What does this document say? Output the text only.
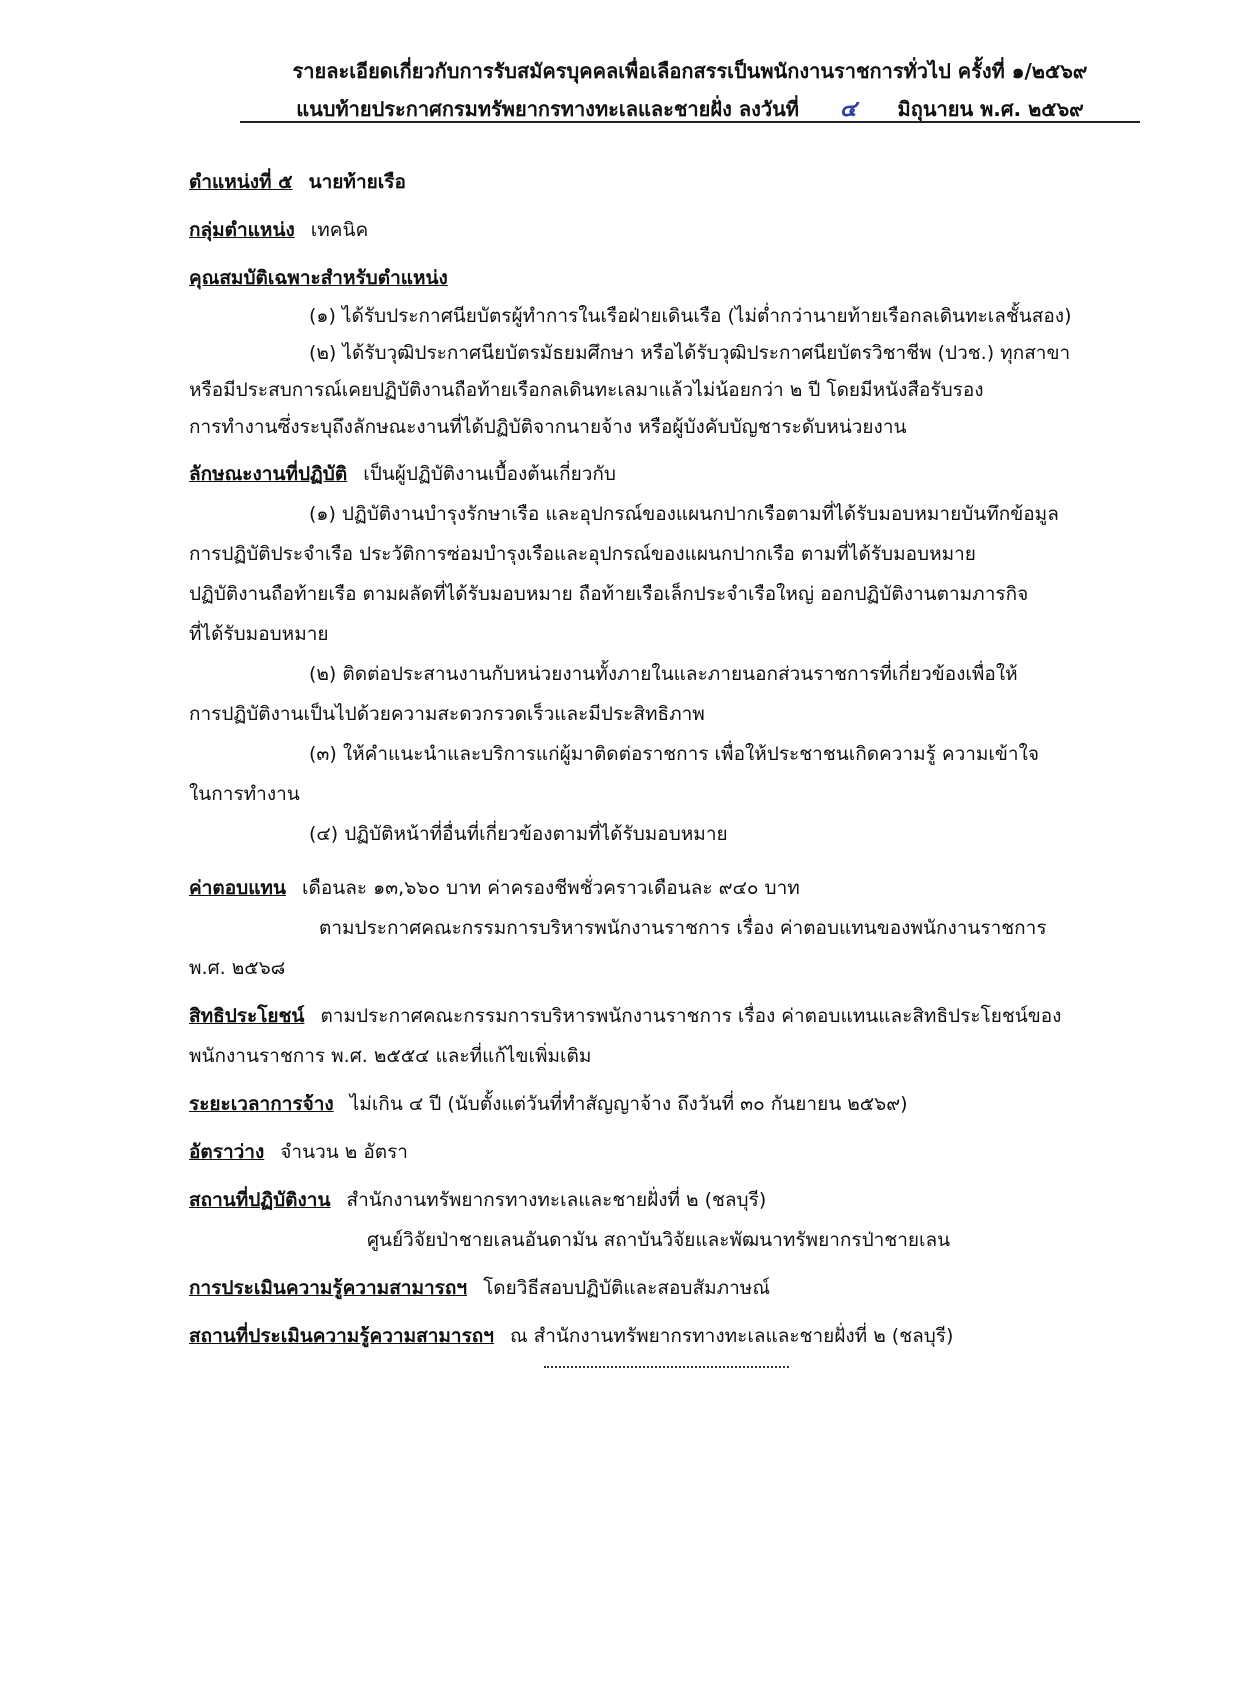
รายละเอียดเกี่ยวกับการรับสมัครบุคคลเพื่อเลือกสรรเป็นพนักงานราชการทั่วไป ครั้งที่ ๑/๒๕๖๙
แนบท้ายประกาศกรมทรัพยากรทางทะเลและชายฝั่ง ลงวันที่ ๔ มิถุนายน พ.ศ. ๒๕๖๙
ตำแหน่งที่ ๕ นายท้ายเรือ
กลุ่มตำแหน่ง เทคนิค
คุณสมบัติเฉพาะสำหรับตำแหน่ง
(๑) ได้รับประกาศนียบัตรผู้ทำการในเรือฝ่ายเดินเรือ (ไม่ต่ำกว่านายท้ายเรือกลเดินทะเลชั้นสอง)
(๒) ได้รับวุฒิประกาศนียบัตรมัธยมศึกษา หรือได้รับวุฒิประกาศนียบัตรวิชาชีพ (ปวช.) ทุกสาขา
หรือมีประสบการณ์เคยปฏิบัติงานถือท้ายเรือกลเดินทะเลมาแล้วไม่น้อยกว่า ๒ ปี โดยมีหนังสือรับรอง
การทำงานซึ่งระบุถึงลักษณะงานที่ได้ปฏิบัติจากนายจ้าง หรือผู้บังคับบัญชาระดับหน่วยงาน
ลักษณะงานที่ปฏิบัติ เป็นผู้ปฏิบัติงานเบื้องต้นเกี่ยวกับ
(๑) ปฏิบัติงานบำรุงรักษาเรือ และอุปกรณ์ของแผนกปากเรือตามที่ได้รับมอบหมายบันทึกข้อมูล
การปฏิบัติประจำเรือ ประวัติการซ่อมบำรุงเรือและอุปกรณ์ของแผนกปากเรือ ตามที่ได้รับมอบหมาย
ปฏิบัติงานถือท้ายเรือ ตามผลัดที่ได้รับมอบหมาย ถือท้ายเรือเล็กประจำเรือใหญ่ ออกปฏิบัติงานตามภารกิจ
ที่ได้รับมอบหมาย
(๒) ติดต่อประสานงานกับหน่วยงานทั้งภายในและภายนอกส่วนราชการที่เกี่ยวข้องเพื่อให้
การปฏิบัติงานเป็นไปด้วยความสะดวกรวดเร็วและมีประสิทธิภาพ
(๓) ให้คำแนะนำและบริการแก่ผู้มาติดต่อราชการ เพื่อให้ประชาชนเกิดความรู้ ความเข้าใจ
ในการทำงาน
(๔) ปฏิบัติหน้าที่อื่นที่เกี่ยวข้องตามที่ได้รับมอบหมาย
ค่าตอบแทน เดือนละ ๑๓,๖๖๐ บาท ค่าครองชีพชั่วคราวเดือนละ ๙๔๐ บาท
ตามประกาศคณะกรรมการบริหารพนักงานราชการ เรื่อง ค่าตอบแทนของพนักงานราชการ
พ.ศ. ๒๕๖๘
สิทธิประโยชน์ ตามประกาศคณะกรรมการบริหารพนักงานราชการ เรื่อง ค่าตอบแทนและสิทธิประโยชน์ของ
พนักงานราชการ พ.ศ. ๒๕๕๔ และที่แก้ไขเพิ่มเติม
ระยะเวลาการจ้าง ไม่เกิน ๔ ปี (นับตั้งแต่วันที่ทำสัญญาจ้าง ถึงวันที่ ๓๐ กันยายน ๒๕๖๙)
อัตราว่าง จำนวน ๒ อัตรา
สถานที่ปฏิบัติงาน สำนักงานทรัพยากรทางทะเลและชายฝั่งที่ ๒ (ชลบุรี)
ศูนย์วิจัยป่าชายเลนอันดามัน สถาบันวิจัยและพัฒนาทรัพยากรป่าชายเลน
การประเมินความรู้ความสามารถฯ โดยวิธีสอบปฏิบัติและสอบสัมภาษณ์
สถานที่ประเมินความรู้ความสามารถฯ ณ สำนักงานทรัพยากรทางทะเลและชายฝั่งที่ ๒ (ชลบุรี)
